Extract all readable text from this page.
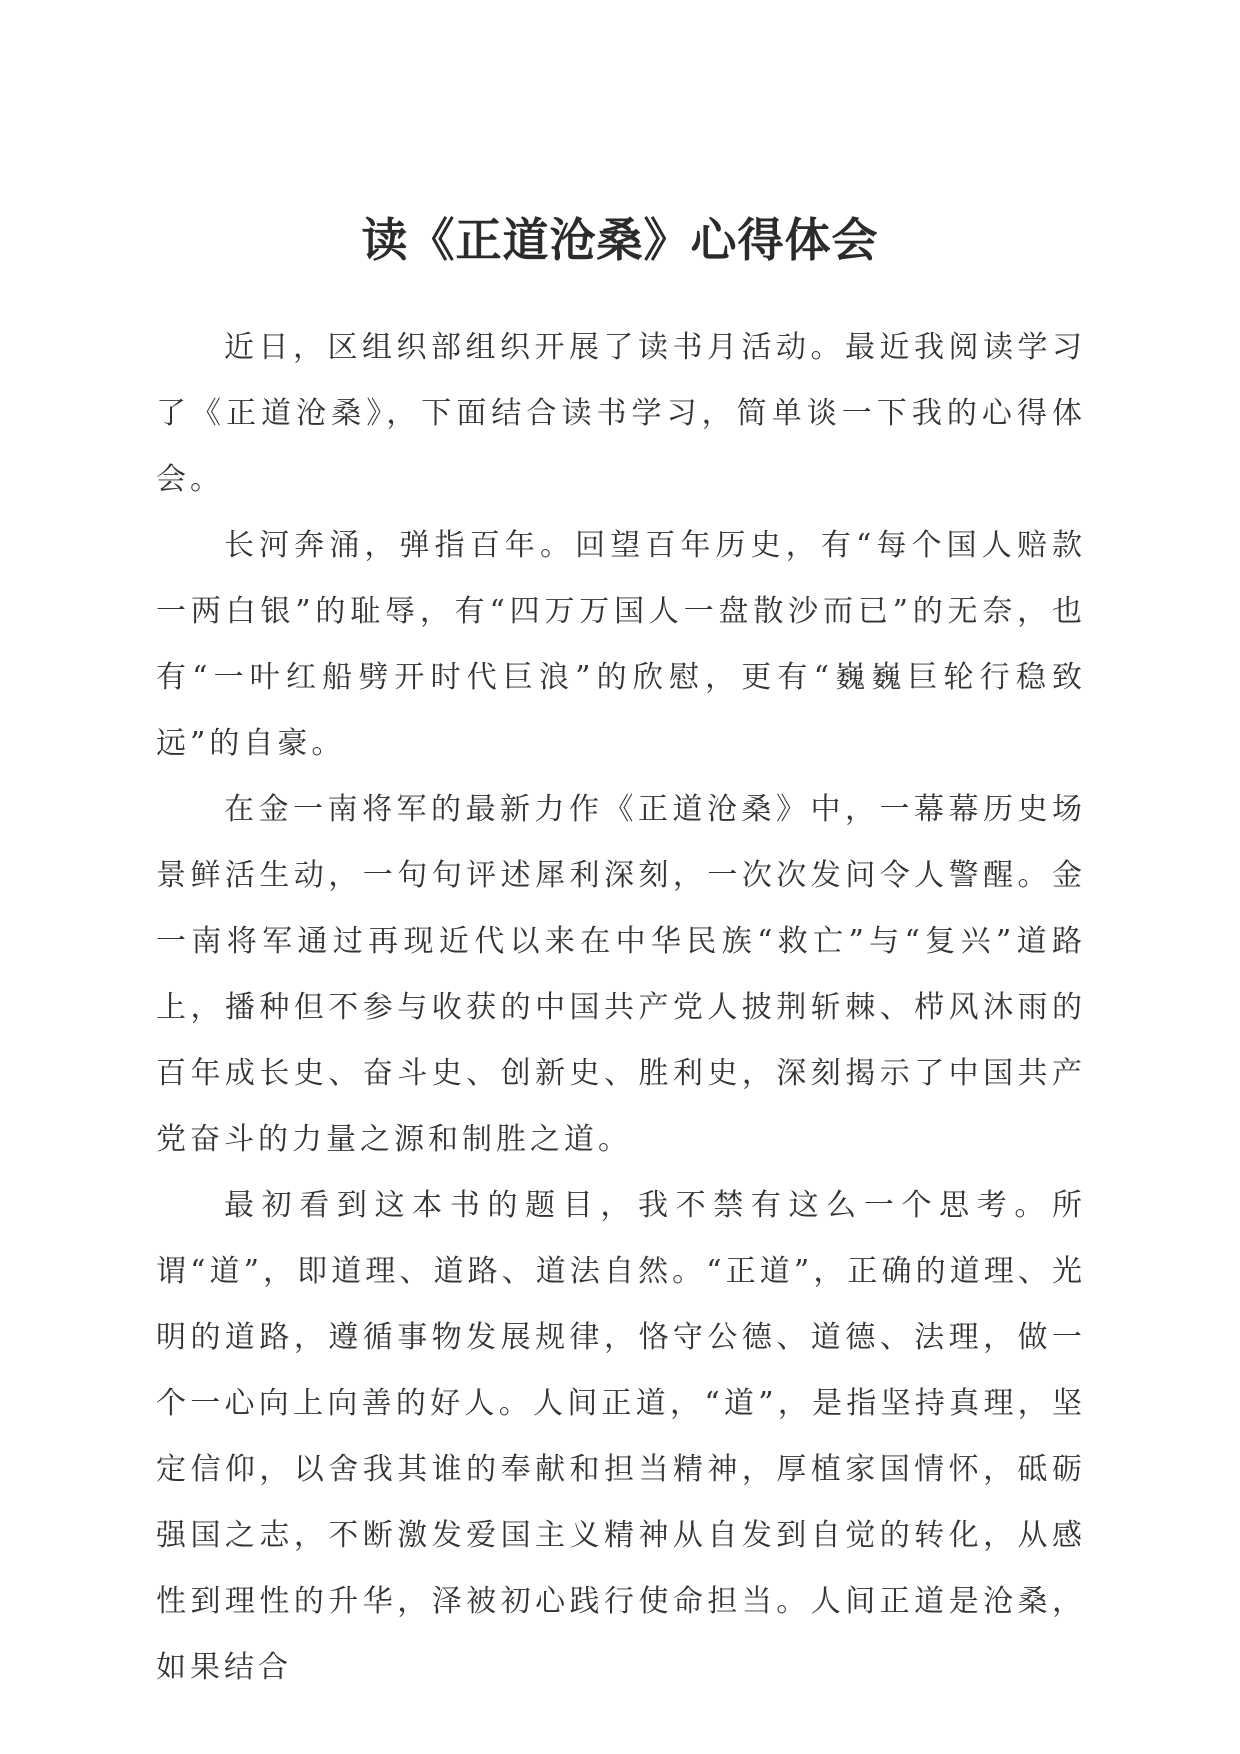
读《正道沧桑》心得体会

近日，区组织部组织开展了读书月活动。最近我阅读学习了《正道沧桑》，下面结合读书学习，简单谈一下我的心得体会。

长河奔涌，弹指百年。回望百年历史，有“每个国人赔款一两白银”的耻辱，有“四万万国人一盘散沙而已”的无奈，也有“一叶红船劈开时代巨浪”的欣慰，更有“巍巍巨轮行稳致远”的自豪。

在金一南将军的最新力作《正道沧桑》中，一幕幕历史场景鲜活生动，一句句评述犀利深刻，一次次发问令人警醒。金一南将军通过再现近代以来在中华民族“救亡”与“复兴”道路上，播种但不参与收获的中国共产党人披荆斩棘、栉风沐雨的百年成长史、奋斗史、创新史、胜利史，深刻揭示了中国共产党奋斗的力量之源和制胜之道。

最初看到这本书的题目，我不禁有这么一个思考。所谓“道”，即道理、道路、道法自然。“正道”，正确的道理、光明的道路，遵循事物发展规律，恪守公德、道德、法理，做一个一心向上向善的好人。人间正道，“道”，是指坚持真理，坚定信仰，以舍我其谁的奉献和担当精神，厚植家国情怀，砥砺强国之志，不断激发爱国主义精神从自发到自觉的转化，从感性到理性的升华，泽被初心践行使命担当。人间正道是沧桑，如果结合
